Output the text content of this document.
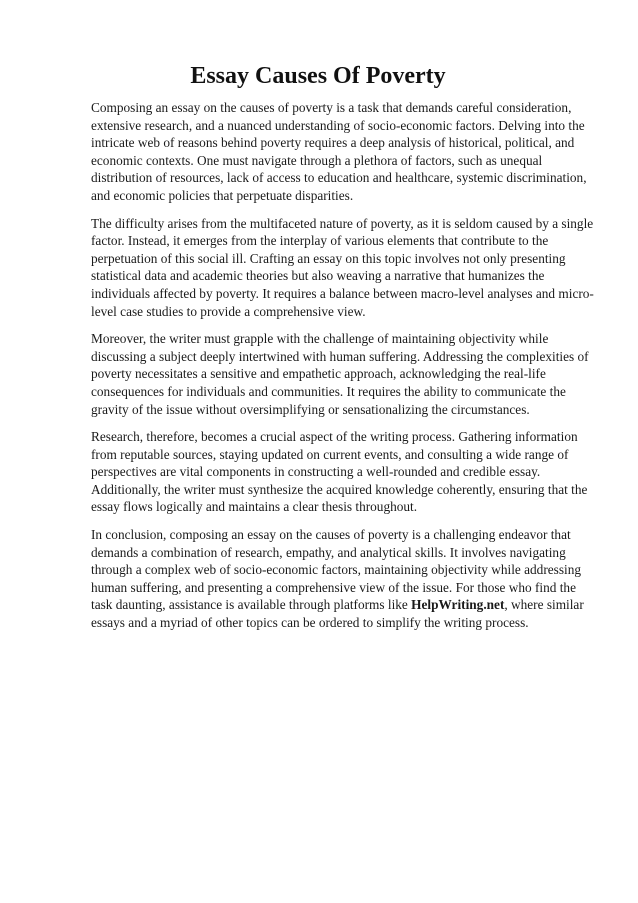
Essay Causes Of Poverty

Composing an essay on the causes of poverty is a task that demands careful consideration, extensive research, and a nuanced understanding of socio-economic factors. Delving into the intricate web of reasons behind poverty requires a deep analysis of historical, political, and economic contexts. One must navigate through a plethora of factors, such as unequal distribution of resources, lack of access to education and healthcare, systemic discrimination, and economic policies that perpetuate disparities.

The difficulty arises from the multifaceted nature of poverty, as it is seldom caused by a single factor. Instead, it emerges from the interplay of various elements that contribute to the perpetuation of this social ill. Crafting an essay on this topic involves not only presenting statistical data and academic theories but also weaving a narrative that humanizes the individuals affected by poverty. It requires a balance between macro-level analyses and micro-level case studies to provide a comprehensive view.

Moreover, the writer must grapple with the challenge of maintaining objectivity while discussing a subject deeply intertwined with human suffering. Addressing the complexities of poverty necessitates a sensitive and empathetic approach, acknowledging the real-life consequences for individuals and communities. It requires the ability to communicate the gravity of the issue without oversimplifying or sensationalizing the circumstances.

Research, therefore, becomes a crucial aspect of the writing process. Gathering information from reputable sources, staying updated on current events, and consulting a wide range of perspectives are vital components in constructing a well-rounded and credible essay. Additionally, the writer must synthesize the acquired knowledge coherently, ensuring that the essay flows logically and maintains a clear thesis throughout.

In conclusion, composing an essay on the causes of poverty is a challenging endeavor that demands a combination of research, empathy, and analytical skills. It involves navigating through a complex web of socio-economic factors, maintaining objectivity while addressing human suffering, and presenting a comprehensive view of the issue. For those who find the task daunting, assistance is available through platforms like HelpWriting.net, where similar essays and a myriad of other topics can be ordered to simplify the writing process.
